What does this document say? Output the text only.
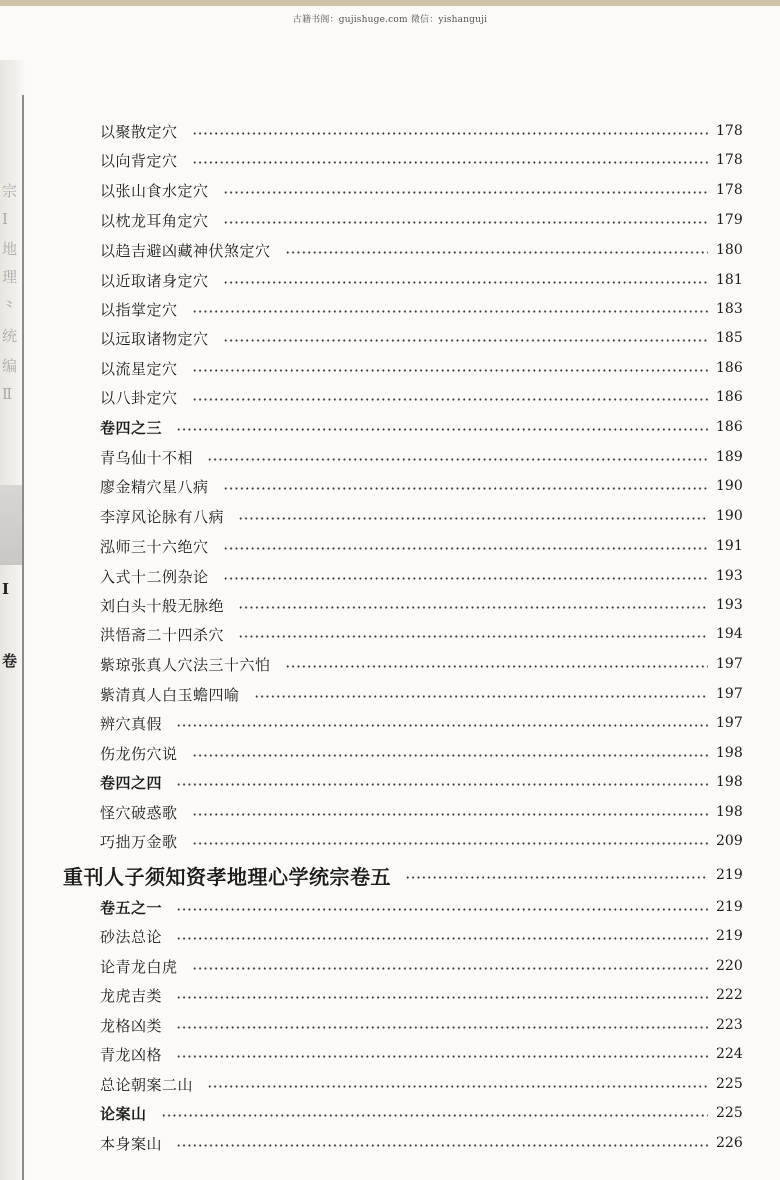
古籍书阁：gujishuge.com 微信：yishanguji
宗
Ⅰ
地
理
⺀
统
编
Ⅱ
Ⅰ
卷
以聚散定穴	178
以向背定穴	178
以张山食水定穴	178
以枕龙耳角定穴	179
以趋吉避凶藏神伏煞定穴	180
以近取诸身定穴	181
以指掌定穴	183
以远取诸物定穴	185
以流星定穴	186
以八卦定穴	186
卷四之三	186
青乌仙十不相	189
廖金精穴星八病	190
李淳风论脉有八病	190
泓师三十六绝穴	191
入式十二例杂论	193
刘白头十般无脉绝	193
洪悟斋二十四杀穴	194
紫琼张真人穴法三十六怕	197
紫清真人白玉蟾四喻	197
辨穴真假	197
伤龙伤穴说	198
卷四之四	198
怪穴破惑歌	198
巧拙万金歌	209
重刊人子须知资孝地理心学统宗卷五	219
卷五之一	219
砂法总论	219
论青龙白虎	220
龙虎吉类	222
龙格凶类	223
青龙凶格	224
总论朝案二山	225
论案山	225
本身案山	226
